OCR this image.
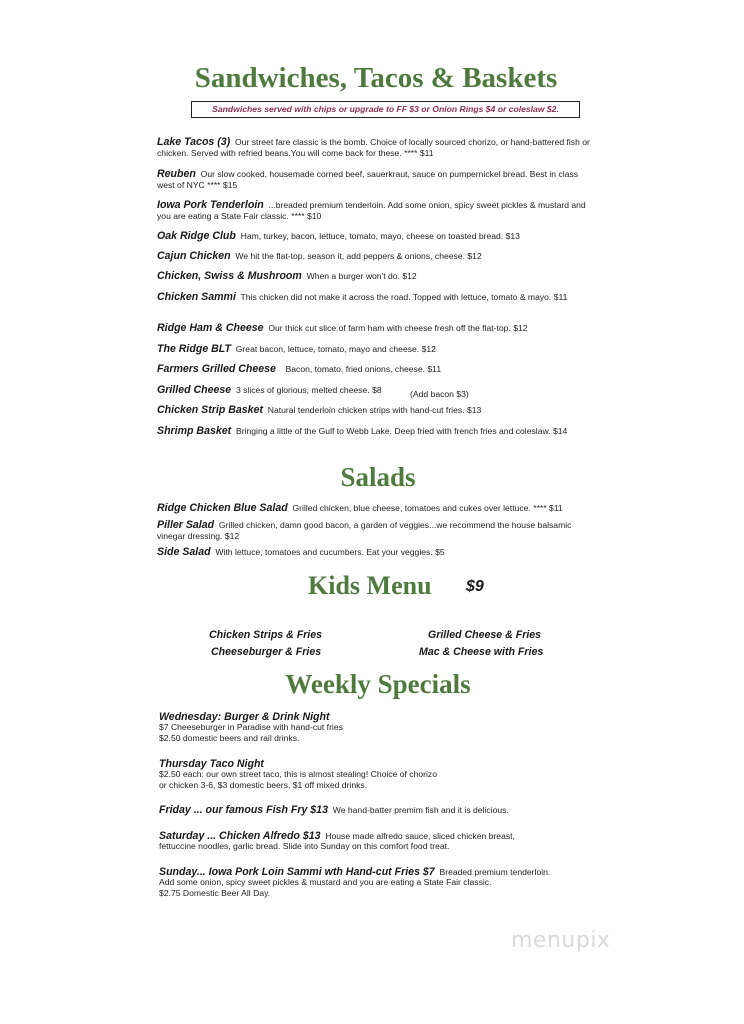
Sandwiches, Tacos & Baskets
Sandwiches served with chips or upgrade to FF $3 or Onion Rings $4 or coleslaw $2.
Lake Tacos (3) Our street fare classic is the bomb. Choice of locally sourced chorizo, or hand-battered fish or chicken. Served with refried beans.You will come back for these. **** $11
Reuben Our slow cooked, housemade corned beef, sauerkraut, sauce on pumpernickel bread. Best in class west of NYC **** $15
Iowa Pork Tenderloin ...breaded premium tenderloin. Add some onion, spicy sweet pickles & mustard and you are eating a State Fair classic. **** $10
Oak Ridge Club Ham, turkey, bacon, lettuce, tomato, mayo, cheese on toasted bread. $13
Cajun Chicken We hit the flat-top, season it, add peppers & onions, cheese. $12
Chicken, Swiss & Mushroom When a burger won't do. $12
Chicken Sammi This chicken did not make it across the road. Topped with lettuce, tomato & mayo. $11
Ridge Ham & Cheese Our thick cut slice of farm ham with cheese fresh off the flat-top. $12
The Ridge BLT Great bacon, lettuce, tomato, mayo and cheese. $12
Farmers Grilled Cheese Bacon, tomato, fried onions, cheese. $11
Grilled Cheese 3 slices of glorious, melted cheese. $8	(Add bacon $3)
Chicken Strip Basket Natural tenderloin chicken strips with hand-cut fries. $13
Shrimp Basket Bringing a little of the Gulf to Webb Lake. Deep fried with french fries and coleslaw. $14
Salads
Ridge Chicken Blue Salad Grilled chicken, blue cheese, tomatoes and cukes over lettuce. **** $11
Piller Salad Grilled chicken, damn good bacon, a garden of veggies...we recommend the house balsamic vinegar dressing. $12
Side Salad With lettuce, tomatoes and cucumbers. Eat your veggies. $5
Kids Menu $9
Chicken Strips & Fries	Grilled Cheese & Fries
Cheeseburger & Fries	Mac & Cheese with Fries
Weekly Specials
Wednesday: Burger & Drink Night
$7 Cheeseburger in Paradise with hand-cut fries
$2.50 domestic beers and rail drinks.
Thursday Taco Night
$2.50 each: our own street taco, this is almost stealing! Choice of chorizo
or chicken 3-6, $3 domestic beers, $1 off mixed drinks.
Friday ... our famous Fish Fry $13 We hand-batter premim fish and it is delicious.
Saturday ... Chicken Alfredo $13 House made alfredo sauce, sliced chicken breast,
fettuccine noodles, garlic bread. Slide into Sunday on this comfort food treat.
Sunday... Iowa Pork Loin Sammi wth Hand-cut Fries $7 Breaded premium tenderloin.
Add some onion, spicy sweet pickles & mustard and you are eating a State Fair classic.
$2.75 Domestic Beer All Day.
menupix
